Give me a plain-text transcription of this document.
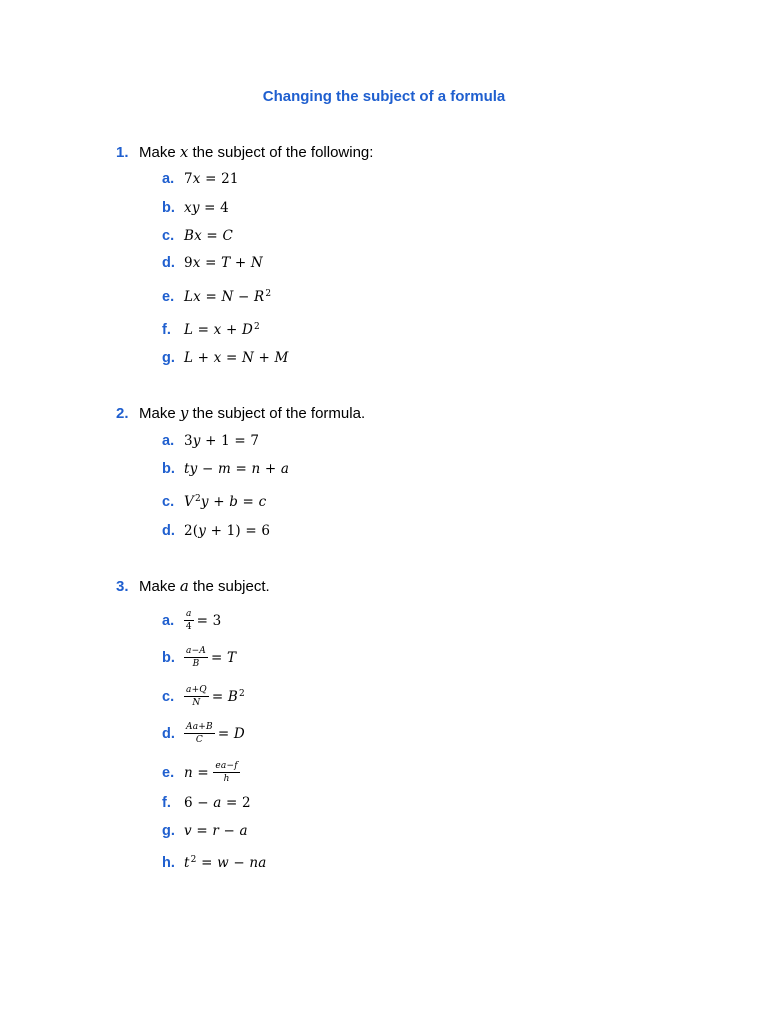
Changing the subject of a formula
1. Make x the subject of the following:
a. 7x = 21
b. xy = 4
c. Bx = C
d. 9x = T + N
e. $Lx = N - R^2$
f. $L = x + D^2$
g. L + x = N + M
2. Make y the subject of the formula.
a. 3y + 1 = 7
b. ty − m = n + a
c. $V^2y + b = c$
d. 2(y + 1) = 6
3. Make a the subject.
a. $\frac{a}{4} = 3$
b. $\frac{a-A}{B} = T$
c. $\frac{a+Q}{N} = B^2$
d. $\frac{Aa+B}{C} = D$
e. $n = \frac{ea-f}{h}$
f. 6 − a = 2
g. v = r − a
h. $t^2 = w$ − na
